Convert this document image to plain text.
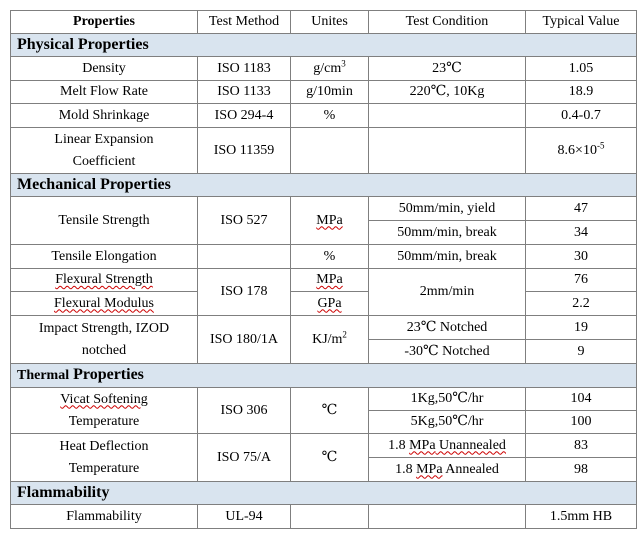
Properties	Test Method	Unites	Test Condition	Typical Value
Physical Properties				
Density	ISO 1183	$g/cm^3$	23℃	1.05
Melt Flow Rate	ISO 1133	g/10min	220℃, 10Kg	18.9
Mold Shrinkage	ISO 294-4	%		0.4-0.7
Linear Expansion
Coefficient	ISO 11359			$8.6\times 10^{-5}$
Mechanical Properties				
Tensile Strength	ISO 527	MPa	50mm/min, yield	47
			50mm/min, break	34
Tensile Elongation		%	50mm/min, break	30
Flexural Strength	ISO 178	MPa	2mm/min	76
Flexural Modulus		GPa		2.2
Impact Strength, IZOD
notched	ISO 180/1A	$KJ/m^2$	23℃ Notched	19
			-30℃ Notched	9
Thermal Properties				
Vicat Softening
Temperature	ISO 306	℃	1Kg,50℃/hr	104
			5Kg,50℃/hr	100
Heat Deflection
Temperature	ISO 75/A	℃	1.8 MPa Unannealed	83
			1.8 MPa Annealed	98
Flammability				
Flammability	UL-94			1.5mm HB
